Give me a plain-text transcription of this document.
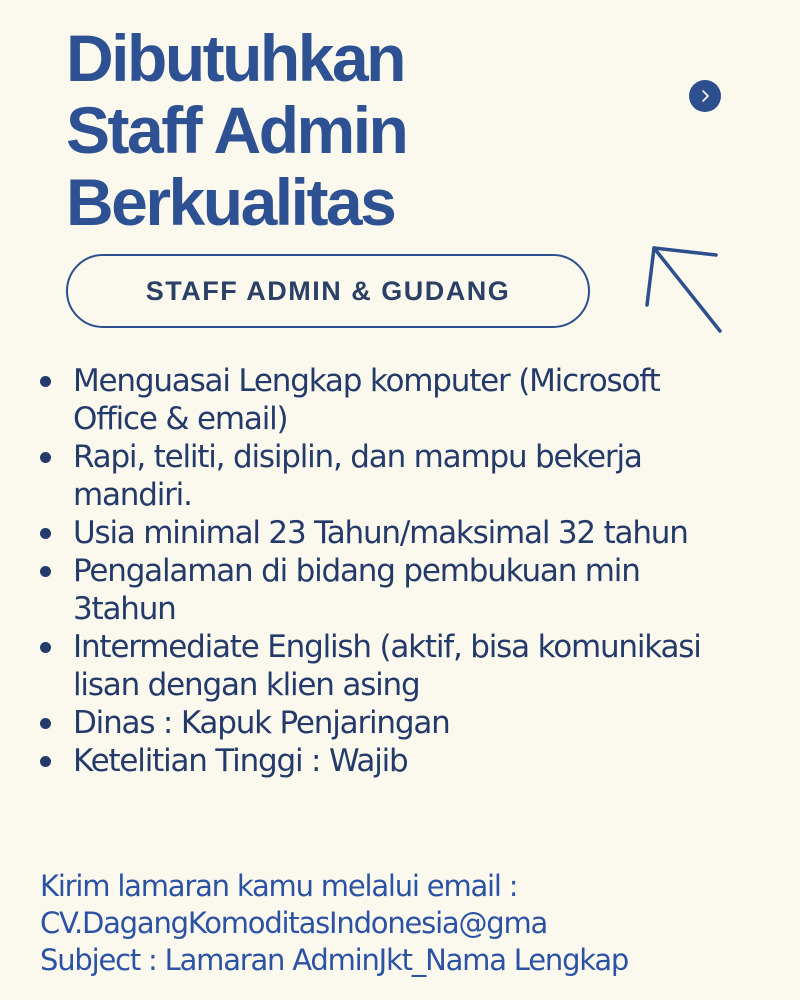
Dibutuhkan
Staff Admin
Berkualitas
STAFF ADMIN & GUDANG
Menguasai Lengkap komputer (Microsoft Office & email)
Rapi, teliti, disiplin, dan mampu bekerja mandiri.
Usia minimal 23 Tahun/maksimal 32 tahun
Pengalaman di bidang pembukuan min 3tahun
Intermediate English (aktif, bisa komunikasi lisan dengan klien asing
Dinas : Kapuk Penjaringan
Ketelitian Tinggi : Wajib
Kirim lamaran kamu melalui email :
CV.DagangKomoditasIndonesia@gma
Subject : Lamaran AdminJkt_Nama Lengkap
